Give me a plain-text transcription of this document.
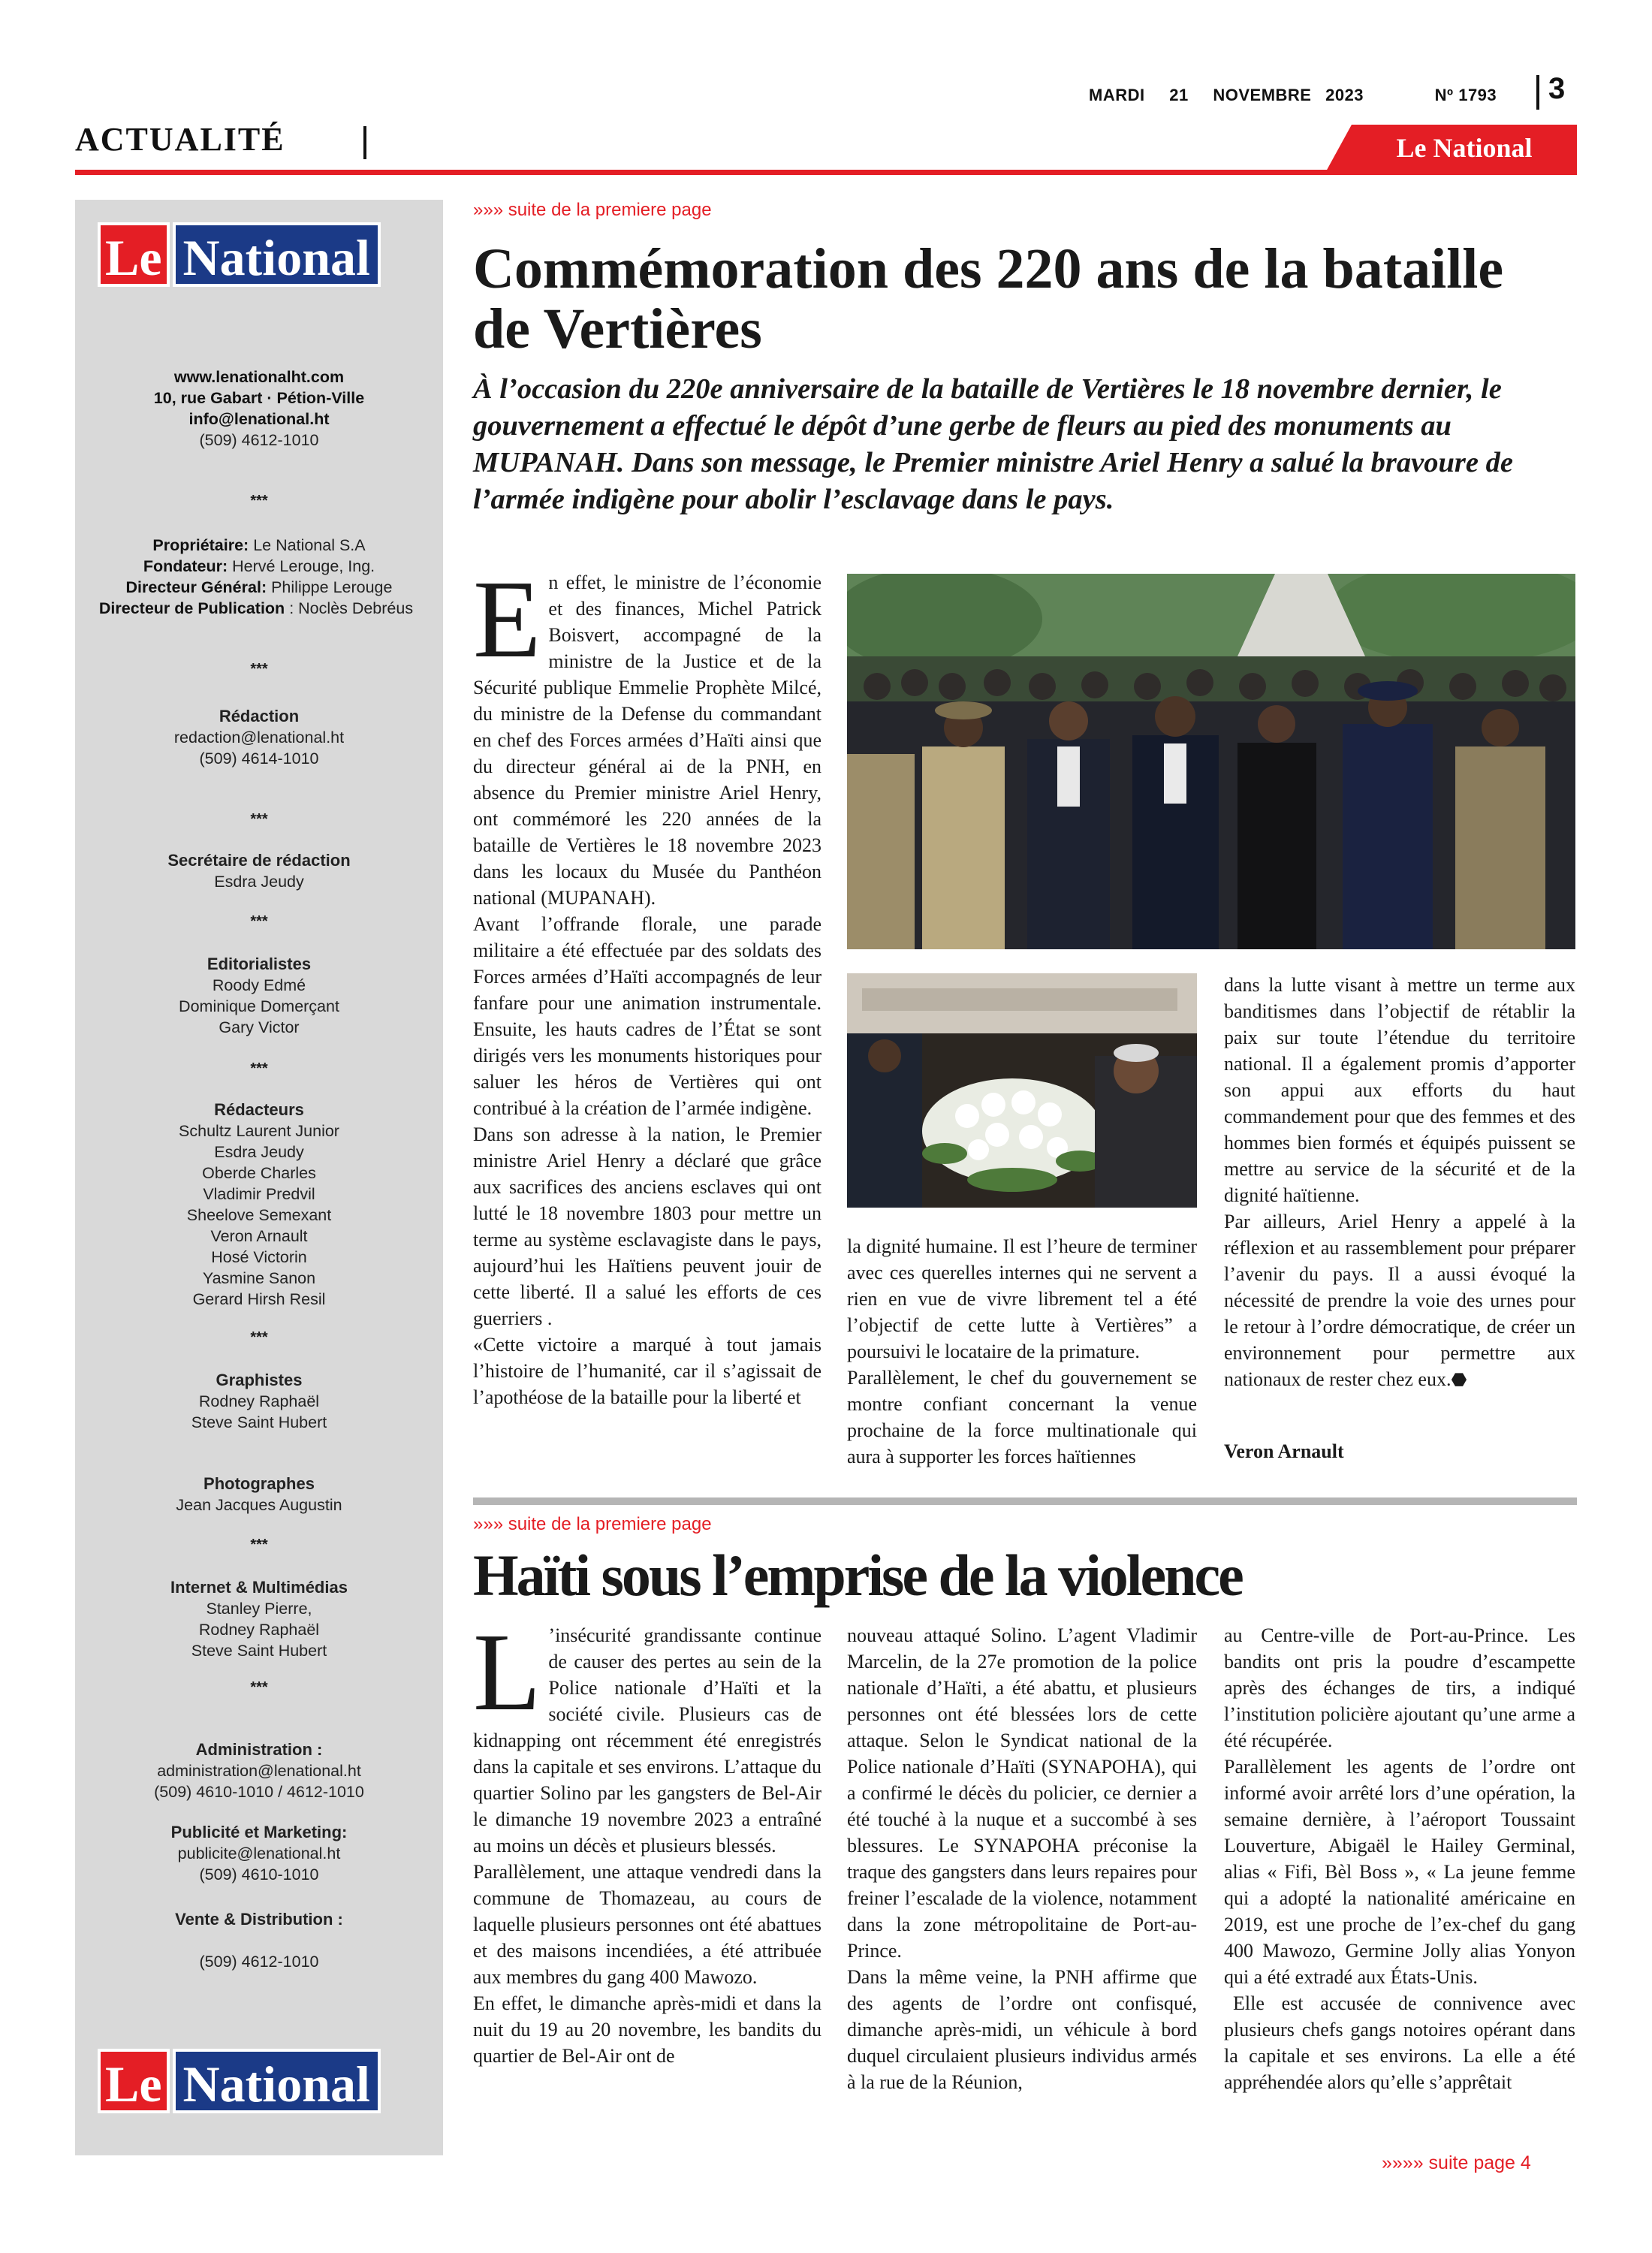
MARDI 21 NOVEMBRE 2023	Nº 1793 3
ACTUALITÉ	Le National
Le National
www.lenationalht.com
10, rue Gabart · Pétion-Ville
info@lenational.ht
(509) 4612-1010
***
Propriétaire: Le National S.A
Fondateur: Hervé Lerouge, Ing.
Directeur Général: Philippe Lerouge
Directeur de Publication : Noclès Debréus
***
Rédaction
redaction@lenational.ht
(509) 4614-1010
***
Secrétaire de rédaction
Esdra Jeudy
***
Editorialistes
Roody Edmé
Dominique Domerçant
Gary Victor
***
Rédacteurs
Schultz Laurent Junior
Esdra Jeudy
Oberde Charles
Vladimir Predvil
Sheelove Semexant
Veron Arnault
Hosé Victorin
Yasmine Sanon
Gerard Hirsh Resil
***
Graphistes
Rodney Raphaël
Steve Saint Hubert
Photographes
Jean Jacques Augustin
***
Internet & Multimédias
Stanley Pierre,
Rodney Raphaël
Steve Saint Hubert
***
Administration :
administration@lenational.ht
(509) 4610-1010 / 4612-1010
Publicité et Marketing:
publicite@lenational.ht
(509) 4610-1010
Vente & Distribution :
(509) 4612-1010
Le National
»»» suite de la premiere page
Commémoration des 220 ans de la bataille de Vertières
À l’occasion du 220e anniversaire de la bataille de Vertières le 18 novembre dernier, le gouvernement a effectué le dépôt d’une gerbe de fleurs au pied des monuments au MUPANAH. Dans son message, le Premier ministre Ariel Henry a salué la bravoure de l’armée indigène pour abolir l’esclavage dans le pays.
E n effet, le ministre de l’économie et des finances, Michel Patrick Boisvert, accompagné de la ministre de la Justice et de la Sécurité publique Emmelie Prophète Milcé, du ministre de la Defense du commandant en chef des Forces armées d’Haïti ainsi que du directeur général ai de la PNH, en absence du Premier ministre Ariel Henry, ont commémoré les 220 années de la bataille de Vertières le 18 novembre 2023 dans les locaux du Musée du Panthéon national (MUPANAH).

Avant l’offrande florale, une parade militaire a été effectuée par des soldats des Forces armées d’Haïti accompagnés de leur fanfare pour une animation instrumentale. Ensuite, les hauts cadres de l’État se sont dirigés vers les monuments historiques pour saluer les héros de Vertières qui ont contribué à la création de l’armée indigène.

Dans son adresse à la nation, le Premier ministre Ariel Henry a déclaré que grâce aux sacrifices des anciens esclaves qui ont lutté le 18 novembre 1803 pour mettre un terme au système esclavagiste dans le pays, aujourd’hui les Haïtiens peuvent jouir de cette liberté. Il a salué les efforts de ces guerriers .

«Cette victoire a marqué à tout jamais l’histoire de l’humanité, car il s’agissait de l’apothéose de la bataille pour la liberté et

la dignité humaine. Il est l’heure de terminer avec ces querelles internes qui ne servent a rien en vue de vivre librement tel a été l’objectif de cette lutte à Vertières” a poursuivi le locataire de la primature.

Parallèlement, le chef du gouvernement se montre confiant concernant la venue prochaine de la force multinationale qui aura à supporter les forces haïtiennes

dans la lutte visant à mettre un terme aux banditismes dans l’objectif de rétablir la paix sur toute l’étendue du territoire national. Il a également promis d’apporter son appui aux efforts du haut commandement pour que des femmes et des hommes bien formés et équipés puissent se mettre au service de la sécurité et de la dignité haïtienne.

Par ailleurs, Ariel Henry a appelé à la réflexion et au rassemblement pour préparer l’avenir du pays. Il a aussi évoqué la nécessité de prendre la voie des urnes pour le retour à l’ordre démocratique, de créer un environnement pour permettre aux nationaux de rester chez eux.⬣

Veron Arnault
»»» suite de la premiere page
Haïti sous l’emprise de la violence
L ’insécurité grandissante continue de causer des pertes au sein de la Police nationale d’Haïti et la société civile. Plusieurs cas de kidnapping ont récemment été enregistrés dans la capitale et ses environs. L’attaque du quartier Solino par les gangsters de Bel-Air le dimanche 19 novembre 2023 a entraîné au moins un décès et plusieurs blessés.

Parallèlement, une attaque vendredi dans la commune de Thomazeau, au cours de laquelle plusieurs personnes ont été abattues et des maisons incendiées, a été attribuée aux membres du gang 400 Mawozo.

En effet, le dimanche après-midi et dans la nuit du 19 au 20 novembre, les bandits du quartier de Bel-Air ont de

nouveau attaqué Solino. L’agent Vladimir Marcelin, de la 27e promotion de la police nationale d’Haïti, a été abattu, et plusieurs personnes ont été blessées lors de cette attaque. Selon le Syndicat national de la Police nationale d’Haïti (SYNAPOHA), qui a confirmé le décès du policier, ce dernier a été touché à la nuque et a succombé à ses blessures. Le SYNAPOHA préconise la traque des gangsters dans leurs repaires pour freiner l’escalade de la violence, notamment dans la zone métropolitaine de Port-au-Prince.

Dans la même veine, la PNH affirme que des agents de l’ordre ont confisqué, dimanche après-midi, un véhicule à bord duquel circulaient plusieurs individus armés à la rue de la Réunion,

au Centre-ville de Port-au-Prince. Les bandits ont pris la poudre d’escampette après des échanges de tirs, a indiqué l’institution policière ajoutant qu’une arme a été récupérée.

Parallèlement les agents de l’ordre ont informé avoir arrêté lors d’une opération, la semaine dernière, à l’aéroport Toussaint Louverture, Abigaël le Hailey Germinal, alias « Fifi, Bèl Boss », « La jeune femme qui a adopté la nationalité américaine en 2019, est une proche de l’ex-chef du gang 400 Mawozo, Germine Jolly alias Yonyon qui a été extradé aux États-Unis.

Elle est accusée de connivence avec plusieurs chefs gangs notoires opérant dans la capitale et ses environs. La elle a été appréhendée alors qu’elle s’apprêtait

»»»» suite page 4
